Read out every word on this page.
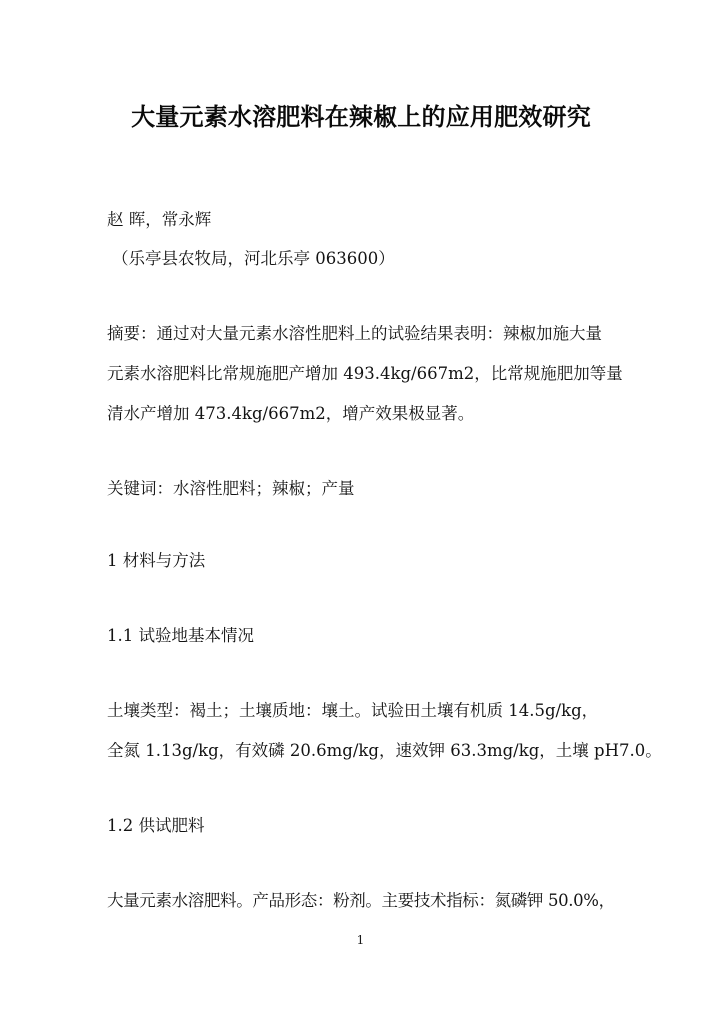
大量元素水溶肥料在辣椒上的应用肥效研究
赵 晖，常永辉
（乐亭县农牧局，河北乐亭 063600）
摘要：通过对大量元素水溶性肥料上的试验结果表明：辣椒加施大量
元素水溶肥料比常规施肥产增加 493.4kg/667m2，比常规施肥加等量
清水产增加 473.4kg/667m2，增产效果极显著。
关键词：水溶性肥料；辣椒；产量
1 材料与方法
1.1 试验地基本情况
土壤类型：褐土；土壤质地：壤土。试验田土壤有机质 14.5g/kg，
全氮 1.13g/kg，有效磷 20.6mg/kg，速效钾 63.3mg/kg，土壤 pH7.0。
1.2 供试肥料
大量元素水溶肥料。产品形态：粉剂。主要技术指标：氮磷钾 50.0%，
1
